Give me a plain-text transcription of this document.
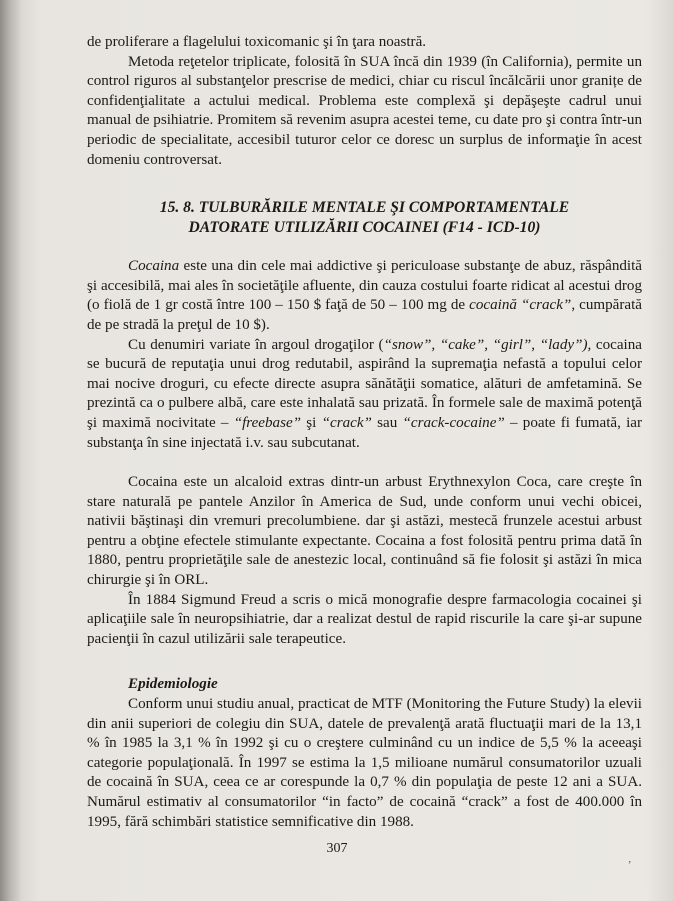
de proliferare a flagelului toxicomanic şi în ţara noastră.

Metoda reţetelor triplicate, folosită în SUA încă din 1939 (în California), permite un control riguros al substanţelor prescrise de medici, chiar cu riscul încălcării unor granițe de confidenţialitate a actului medical. Problema este complexă şi depăşeşte cadrul unui manual de psihiatrie. Promitem să revenim asupra acestei teme, cu date pro şi contra într-un periodic de specialitate, accesibil tuturor celor ce doresc un surplus de informaţie în acest domeniu controversat.

15. 8. TULBURĂRILE MENTALE ŞI COMPORTAMENTALE
DATORATE UTILIZĂRII COCAINEI (F14 - ICD-10)

Cocaina este una din cele mai addictive şi periculoase substanţe de abuz, răspândită şi accesibilă, mai ales în societăţile afluente, din cauza costului foarte ridicat al acestui drog (o fiolă de 1 gr costă între 100 – 150 $ faţă de 50 – 100 mg de cocaină “crack”, cumpărată de pe stradă la preţul de 10 $).

Cu denumiri variate în argoul drogaţilor (“snow”, “cake”, “girl”, “lady”), cocaina se bucură de reputaţia unui drog redutabil, aspirând la supremaţia nefastă a topului celor mai nocive droguri, cu efecte directe asupra sănătăţii somatice, alături de amfetamină. Se prezintă ca o pulbere albă, care este inhalată sau prizată. În formele sale de maximă potenţă şi maximă nocivitate – “freebase” şi “crack” sau “crack-cocaine” – poate fi fumată, iar substanţa în sine injectată i.v. sau subcutanat.

Cocaina este un alcaloid extras dintr-un arbust Erythnexylon Coca, care creşte în stare naturală pe pantele Anzilor în America de Sud, unde conform unui vechi obicei, nativii băştinaşi din vremuri precolumbiene. dar şi astăzi, mestecă frunzele acestui arbust pentru a obţine efectele stimulante expectante. Cocaina a fost folosită pentru prima dată în 1880, pentru proprietăţile sale de anestezic local, continuând să fie folosit şi astăzi în mica chirurgie şi în ORL.

În 1884 Sigmund Freud a scris o mică monografie despre farmacologia cocainei şi aplicaţiile sale în neuropsihiatrie, dar a realizat destul de rapid riscurile la care şi-ar supune pacienţii în cazul utilizării sale terapeutice.

Epidemiologie

Conform unui studiu anual, practicat de MTF (Monitoring the Future Study) la elevii din anii superiori de colegiu din SUA, datele de prevalenţă arată fluctuaţii mari de la 13,1 % în 1985 la 3,1 % în 1992 şi cu o creştere culminând cu un indice de 5,5 % la aceeaşi categorie populaţională. În 1997 se estima la 1,5 milioane numărul consumatorilor uzuali de cocaină în SUA, ceea ce ar corespunde la 0,7 % din populaţia de peste 12 ani a SUA. Numărul estimativ al consumatorilor “in facto” de cocaină “crack” a fost de 400.000 în 1995, fără schimbări statistice semnificative din 1988.

307
ʼ
